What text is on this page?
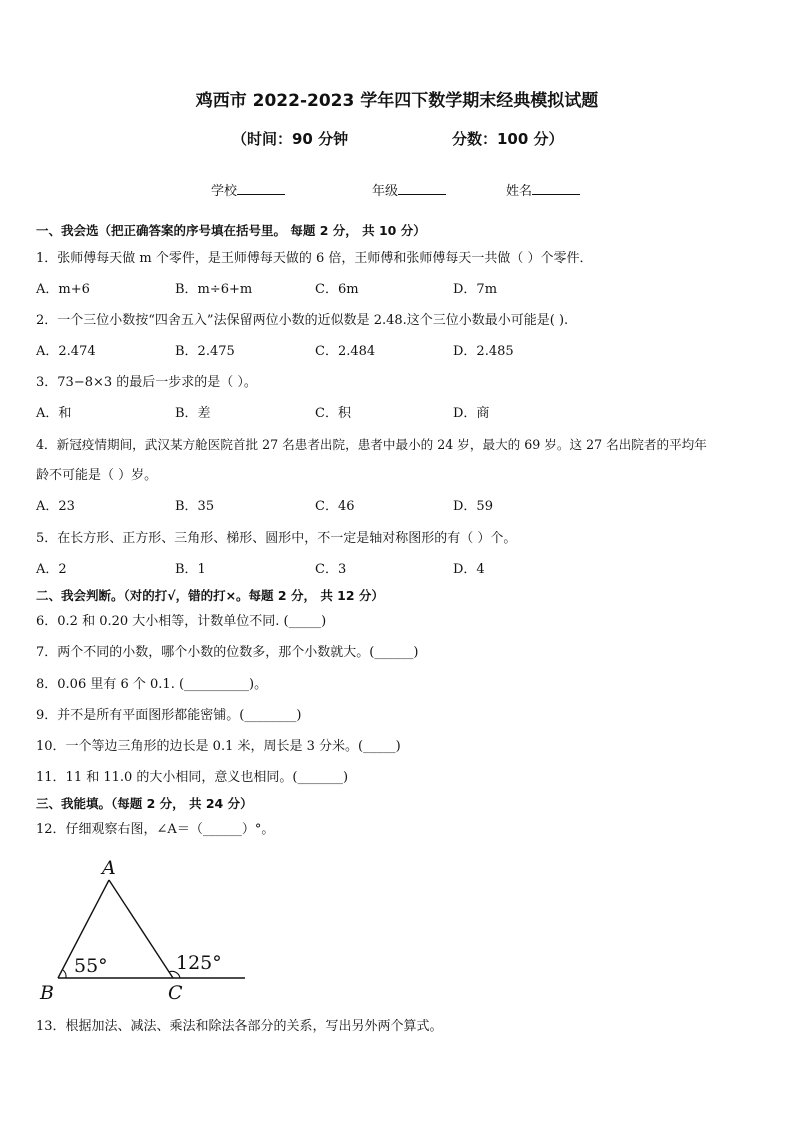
鸡西市 2022-2023 学年四下数学期末经典模拟试题
（时间：90 分钟	分数：100 分）
学校	年级	姓名
一、我会选（把正确答案的序号填在括号里。 每题 2 分， 共 10 分）
1．张师傅每天做 m 个零件，是王师傅每天做的 6 倍，王师傅和张师傅每天一共做（ ）个零件．
A．m+6	B．m÷6+m	C．6m	D．7m
2．一个三位小数按“四舍五入”法保留两位小数的近似数是 2.48.这个三位小数最小可能是( ).
A．2.474	B．2.475	C．2.484	D．2.485
3．73−8×3 的最后一步求的是（ ）。
A．和	B．差	C．积	D．商
4．新冠疫情期间，武汉某方舱医院首批 27 名患者出院，患者中最小的 24 岁，最大的 69 岁。这 27 名出院者的平均年
龄不可能是（ ）岁。
A．23	B．35	C．46	D．59
5．在长方形、正方形、三角形、梯形、圆形中，不一定是轴对称图形的有（ ）个。
A．2	B．1	C．3	D．4
二、我会判断。（对的打√，错的打×。每题 2 分， 共 12 分）
6．0.2 和 0.20 大小相等，计数单位不同. (_____)
7．两个不同的小数，哪个小数的位数多，那个小数就大。(______)
8．0.06 里有 6 个 0.1. (__________)。
9．并不是所有平面图形都能密铺。(________)
10．一个等边三角形的边长是 0.1 米，周长是 3 分米。(_____)
11．11 和 11.0 的大小相同，意义也相同。(_______)
三、我能填。（每题 2 分， 共 24 分）
12．仔细观察右图，∠A＝（______）°。
A
B	C
55°	125°
13．根据加法、减法、乘法和除法各部分的关系，写出另外两个算式。
